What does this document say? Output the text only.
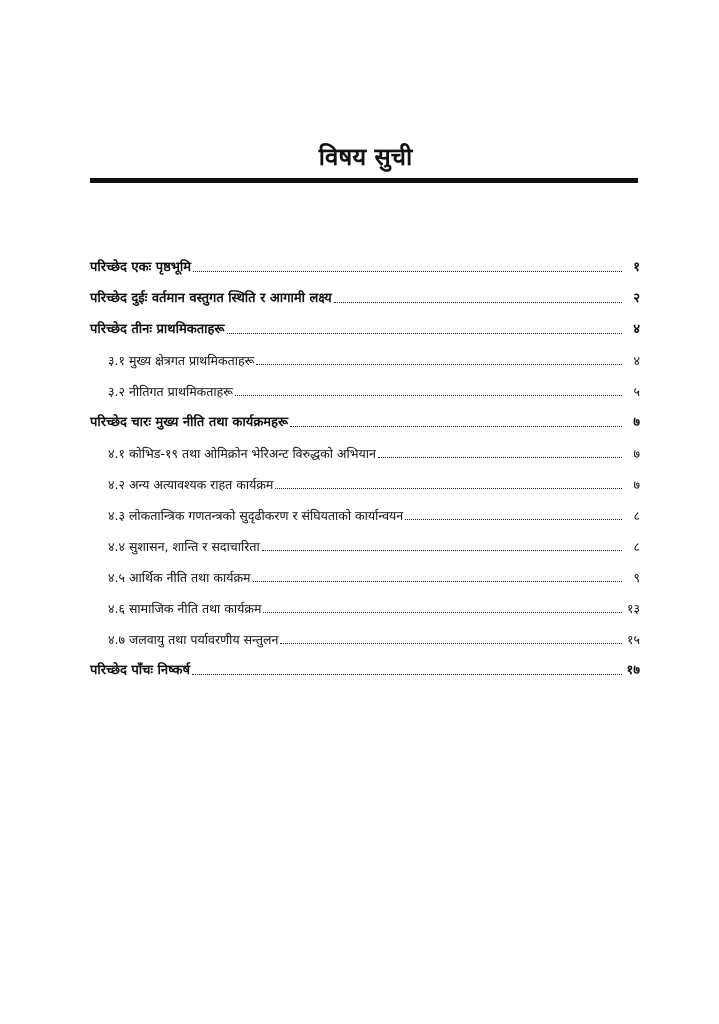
विषय सुची
परिच्छेद एकः पृष्ठभूमि	१
परिच्छेद दुईः वर्तमान वस्तुगत स्थिति र आगामी लक्ष्य	२
परिच्छेद तीनः प्राथमिकताहरू	४
३.१ मुख्य क्षेत्रगत प्राथमिकताहरू	४
३.२ नीतिगत प्राथमिकताहरू	५
परिच्छेद चारः मुख्य नीति तथा कार्यक्रमहरू	७
४.१ कोभिड-१९ तथा ओमिक्रोन भेरिअन्ट विरुद्धको अभियान	७
४.२ अन्य अत्यावश्यक राहत कार्यक्रम	७
४.३ लोकतान्त्रिक गणतन्त्रको सुदृढीकरण र संघियताको कार्यान्वयन	८
४.४ सुशासन, शान्ति र सदाचारिता	८
४.५ आर्थिक नीति तथा कार्यक्रम	९
४.६ सामाजिक नीति तथा कार्यक्रम	१३
४.७ जलवायु तथा पर्यावरणीय सन्तुलन	१५
परिच्छेद पाँचः निष्कर्ष	१७
